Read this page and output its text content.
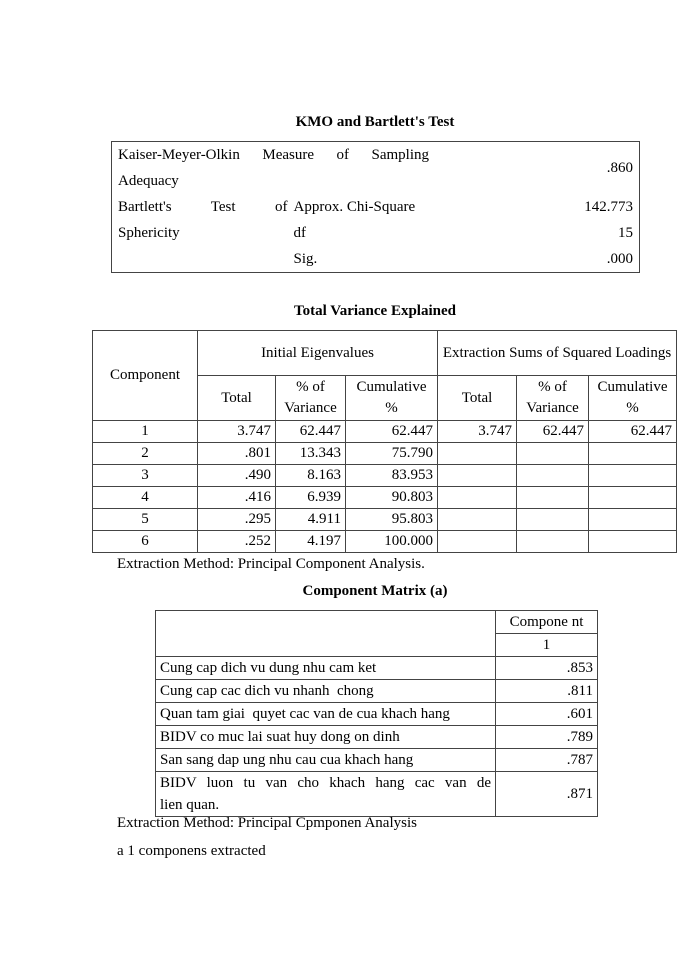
KMO and Bartlett's Test
Kaiser-Meyer-Olkin      Measure      of      Sampling
Adequacy		.860
Bartlett's Test of	Approx. Chi-Square	142.773
Sphericity	df	15
	Sig.	.000
Total Variance Explained
Component	Initial Eigenvalues			Extraction Sums of Squared Loadings		
	Total	% of Variance	Cumulative %	Total	% of Variance	Cumulative %
1	3.747	62.447	62.447	3.747	62.447	62.447
2	.801	13.343	75.790			
3	.490	8.163	83.953			
4	.416	6.939	90.803			
5	.295	4.911	95.803			
6	.252	4.197	100.000			
Extraction Method: Principal Component Analysis.
Component Matrix (a)
	Compone nt
	1
Cung cap dich vu dung nhu cam ket	.853
Cung cap cac dich vu nhanh  chong	.811
Quan tam giai  quyet cac van de cua khach hang	.601
BIDV co muc lai suat huy dong on dinh	.789
San sang dap ung nhu cau cua khach hang	.787

BIDV luon tu van cho khach hang cac van de
lien quan.	.871
Extraction Method: Principal Cpmponen Analysis
a 1 componens extracted
